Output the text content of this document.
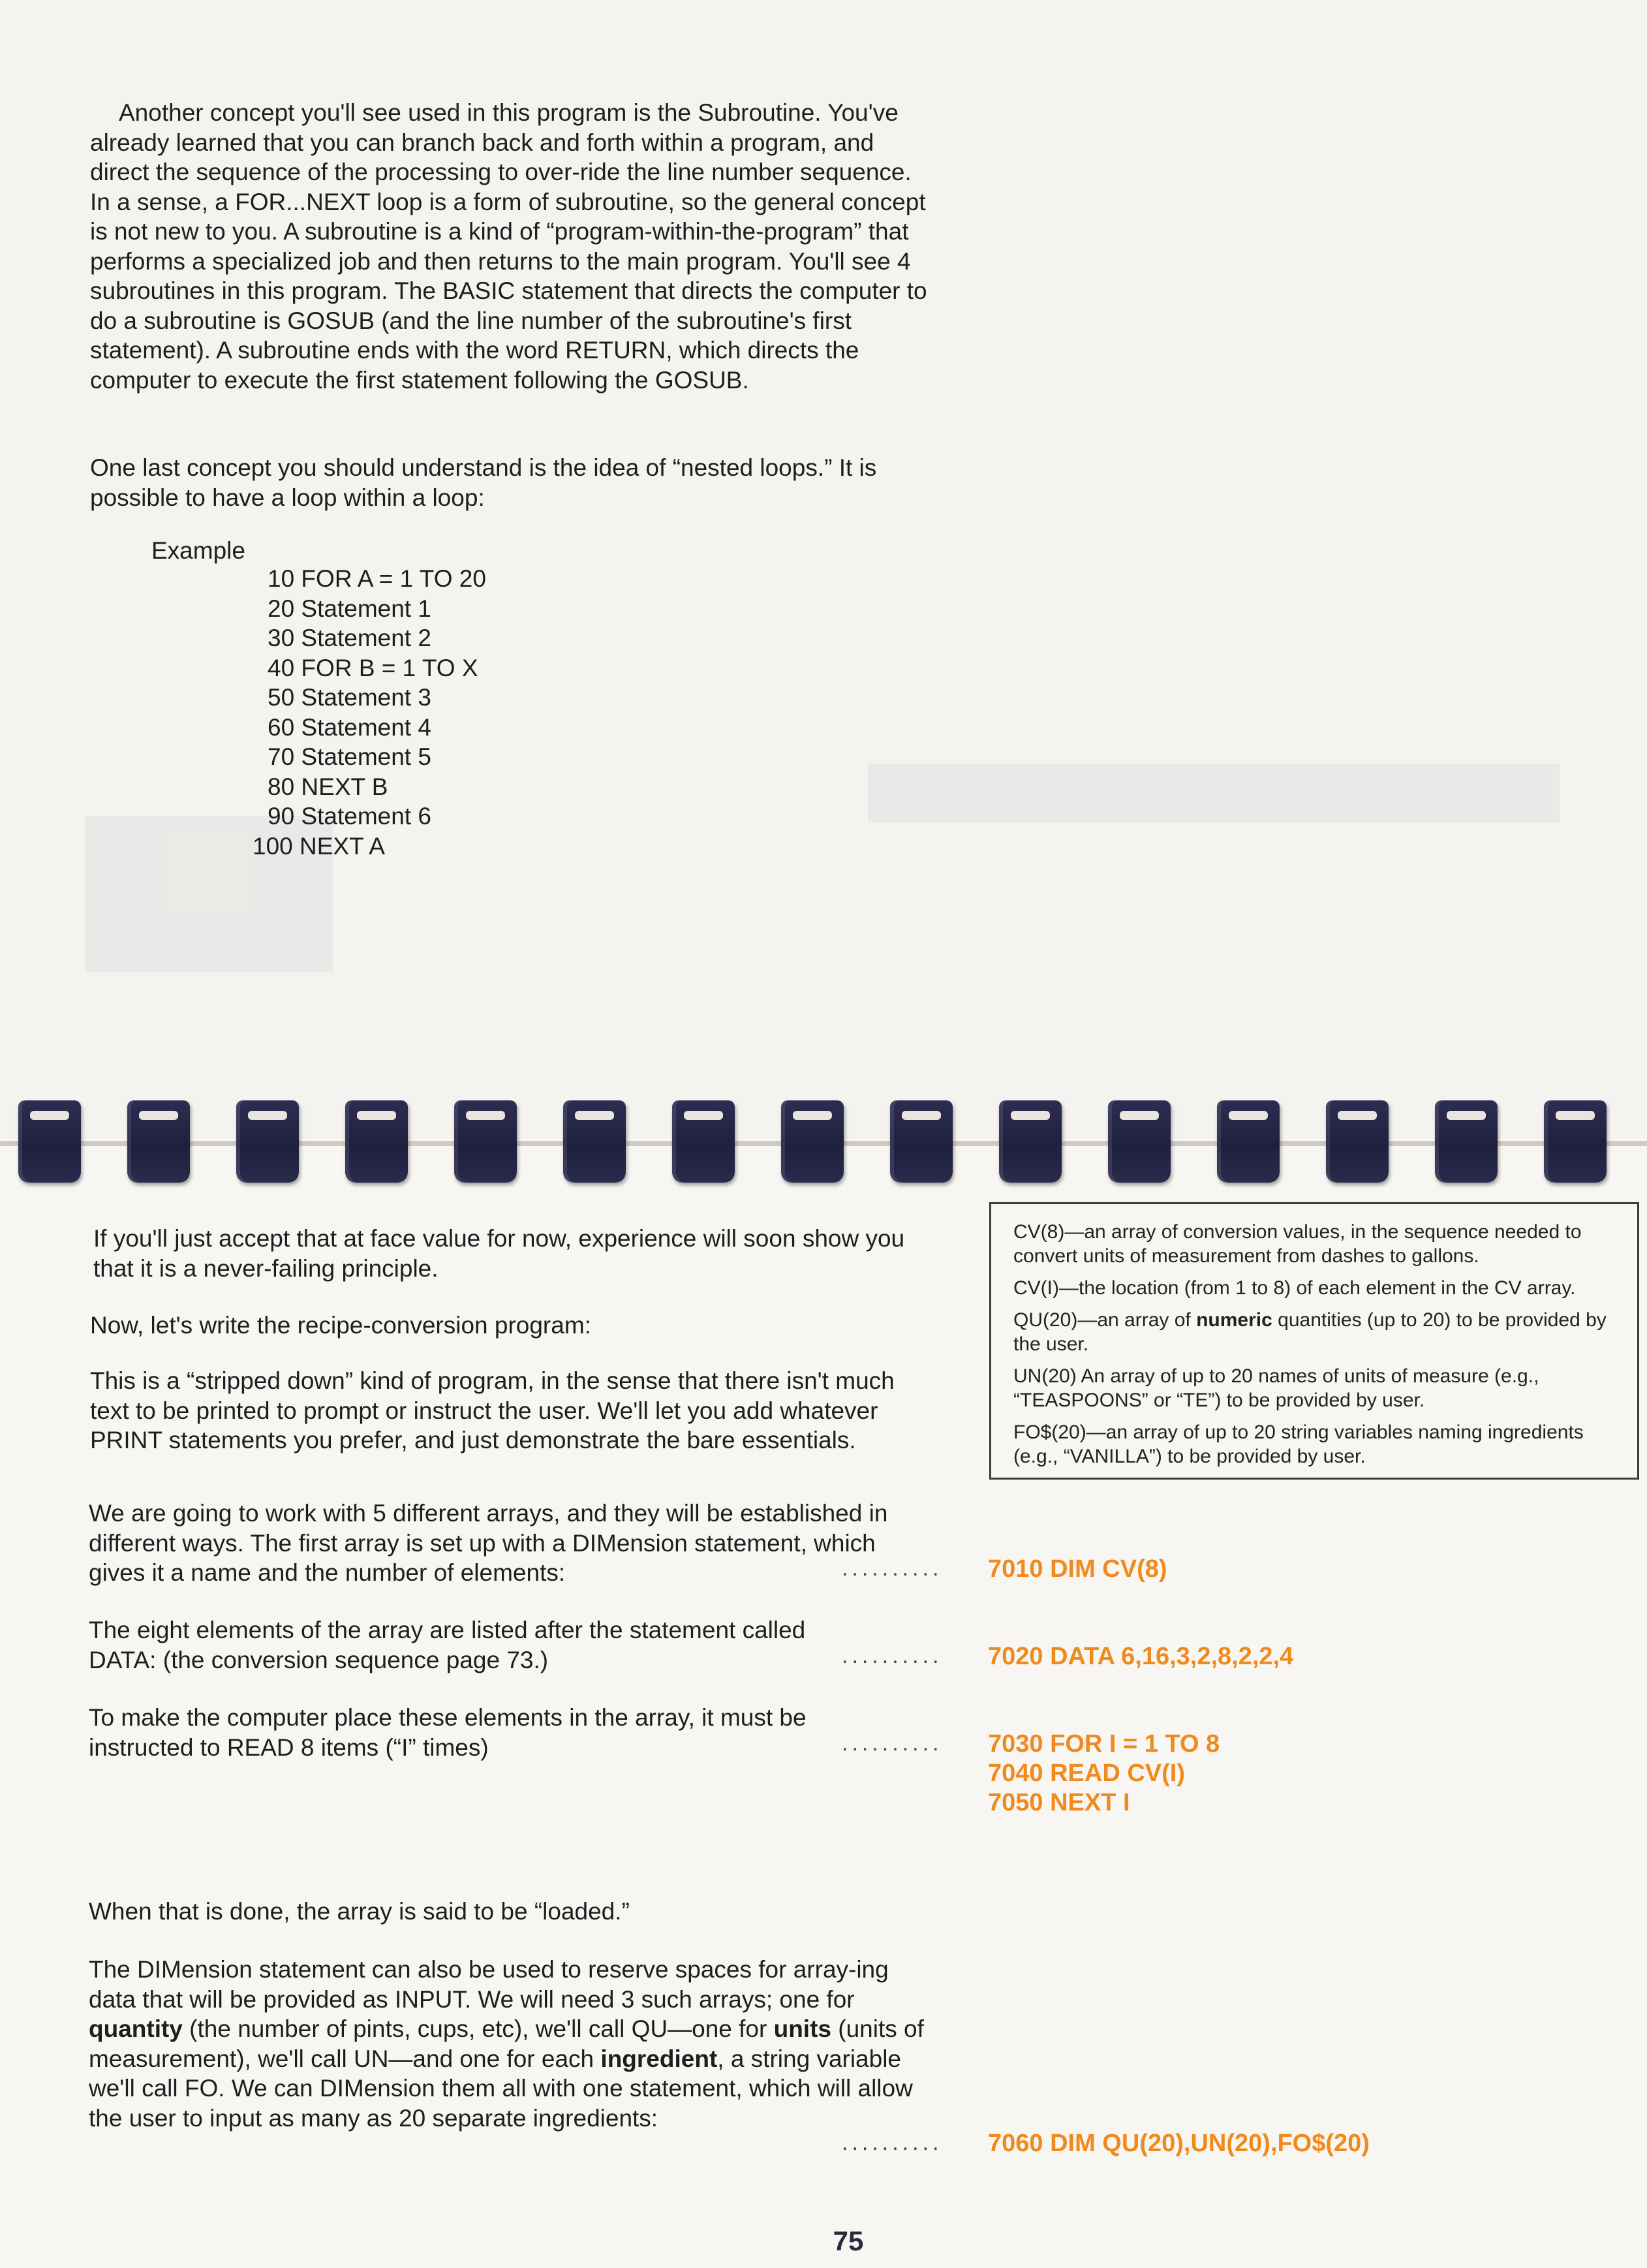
Another concept you'll see used in this program is the Subroutine. You've already learned that you can branch back and forth within a program, and direct the sequence of the processing to over-ride the line number sequence. In a sense, a FOR...NEXT loop is a form of subroutine, so the general concept is not new to you. A subroutine is a kind of “program-within-the-program” that performs a specialized job and then returns to the main program. You'll see 4 subroutines in this program. The BASIC statement that directs the computer to do a subroutine is GOSUB (and the line number of the subroutine's first statement). A subroutine ends with the word RETURN, which directs the computer to execute the first statement following the GOSUB.

One last concept you should understand is the idea of “nested loops.” It is possible to have a loop within a loop:

Example
10 FOR A = 1 TO 20
20 Statement 1
30 Statement 2
40 FOR B = 1 TO X
50 Statement 3
60 Statement 4
70 Statement 5
80 NEXT B
90 Statement 6
100 NEXT A

If you'll just accept that at face value for now, experience will soon show you that it is a never-failing principle.

Now, let's write the recipe-conversion program:

This is a “stripped down” kind of program, in the sense that there isn't much text to be printed to prompt or instruct the user. We'll let you add whatever PRINT statements you prefer, and just demonstrate the bare essentials.

We are going to work with 5 different arrays, and they will be established in different ways. The first array is set up with a DIMension statement, which gives it a name and the number of elements:

The eight elements of the array are listed after the statement called DATA: (the conversion sequence page 73.)

To make the computer place these elements in the array, it must be instructed to READ 8 items (“I” times)

When that is done, the array is said to be “loaded.”

The DIMension statement can also be used to reserve spaces for array-ing data that will be provided as INPUT. We will need 3 such arrays; one for quantity (the number of pints, cups, etc), we'll call QU—one for units (units of measurement), we'll call UN—and one for each ingredient, a string variable we'll call FO. We can DIMension them all with one statement, which will allow the user to input as many as 20 separate ingredients:

.......... 7010 DIM CV(8)
.......... 7020 DATA 6,16,3,2,8,2,2,4
.......... 7030 FOR I = 1 TO 8
7040 READ CV(I)
7050 NEXT I
.......... 7060 DIM QU(20),UN(20),FO$(20)

CV(8)—an array of conversion values, in the sequence needed to convert units of measurement from dashes to gallons.

CV(I)—the location (from 1 to 8) of each element in the CV array.

QU(20)—an array of numeric quantities (up to 20) to be provided by the user.

UN(20) An array of up to 20 names of units of measure (e.g., “TEASPOONS” or “TE”) to be provided by user.

FO$(20)—an array of up to 20 string variables naming ingredients (e.g., “VANILLA”) to be provided by user.

75
